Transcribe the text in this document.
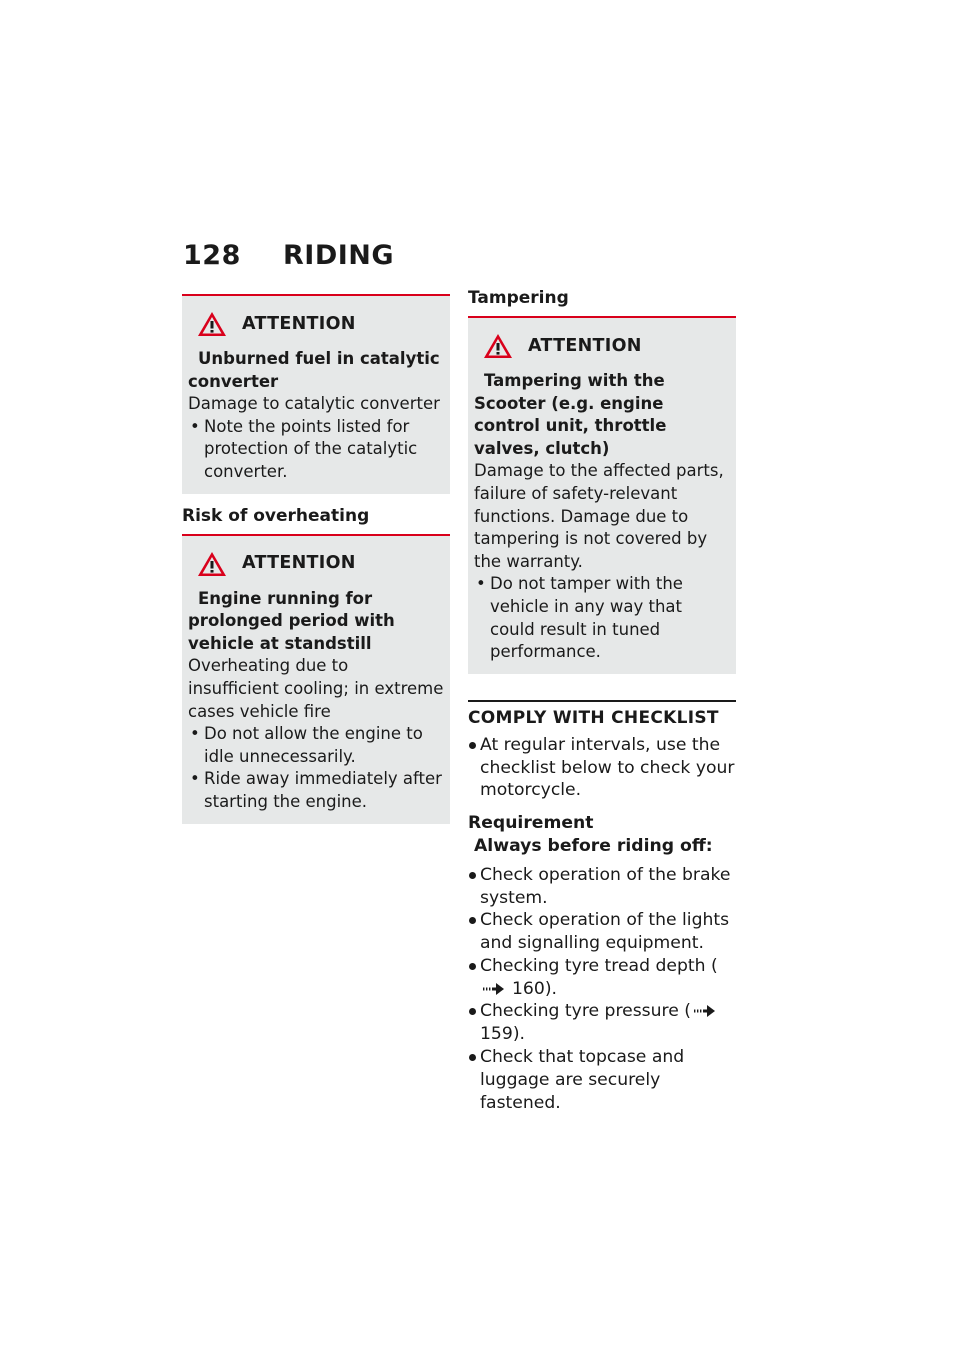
128 RIDING
ATTENTION
Unburned fuel in catalytic converter
Damage to catalytic converter
• Note the points listed for protection of the catalytic converter.
Risk of overheating
ATTENTION
Engine running for prolonged period with vehicle at standstill
Overheating due to insufficient cooling; in extreme cases vehicle fire
• Do not allow the engine to idle unnecessarily.
• Ride away immediately after starting the engine.
Tampering
ATTENTION
Tampering with the Scooter (e.g. engine control unit, throttle valves, clutch)
Damage to the affected parts, failure of safety-relevant functions. Damage due to tampering is not covered by the warranty.
• Do not tamper with the vehicle in any way that could result in tuned performance.
COMPLY WITH CHECKLIST
At regular intervals, use the checklist below to check your motorcycle.
Requirement
Always before riding off:
Check operation of the brake system.
Check operation of the lights and signalling equipment.
Checking tyre tread depth (160).
Checking tyre pressure (159).
Check that topcase and luggage are securely fastened.
